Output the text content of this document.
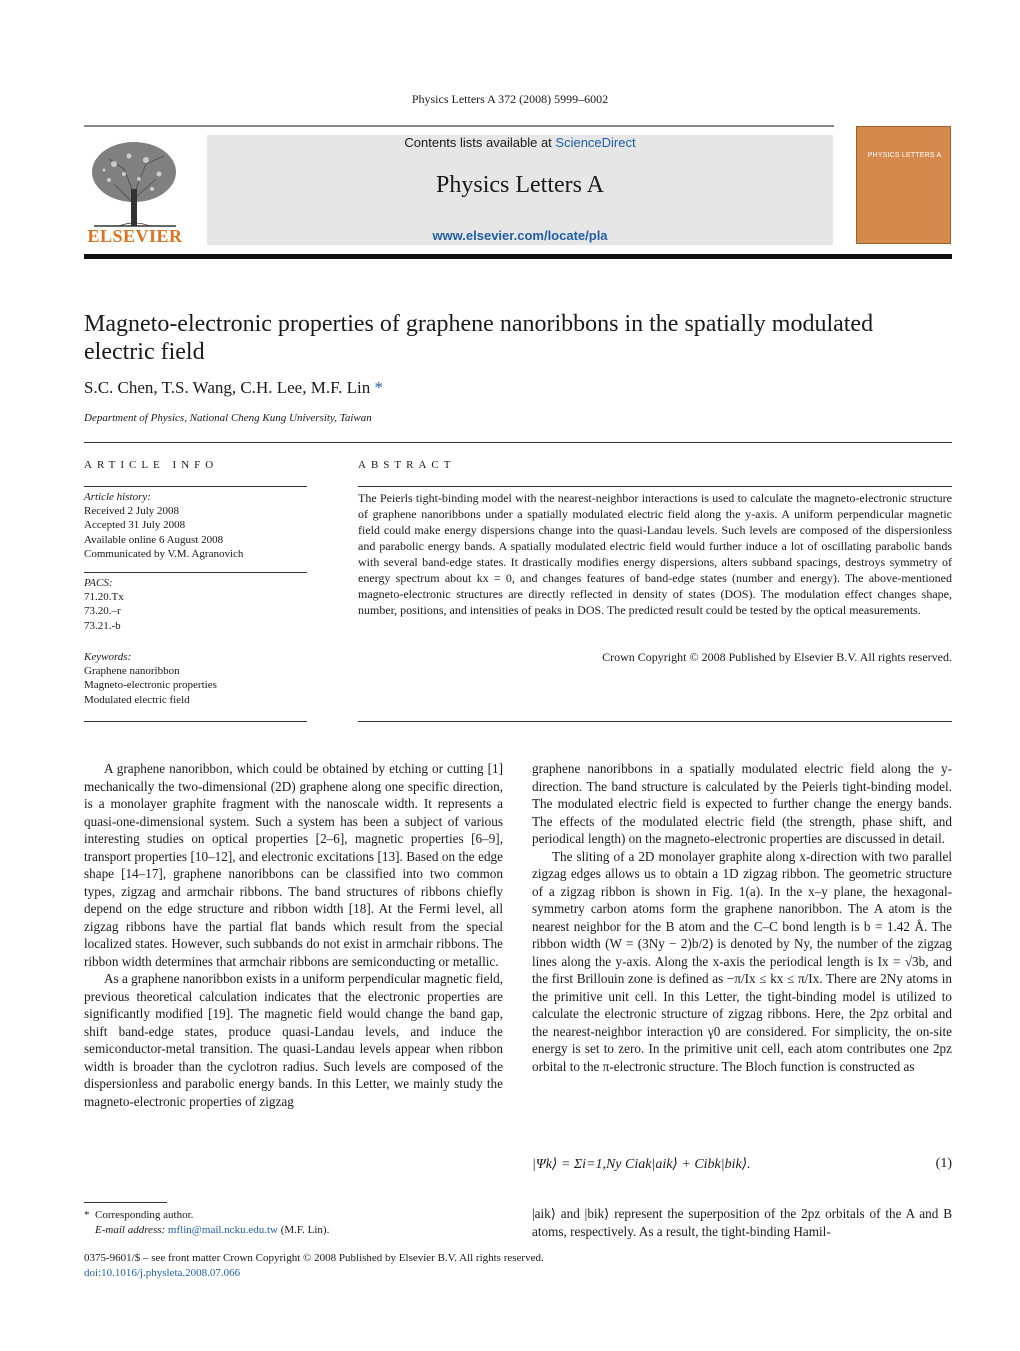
Physics Letters A 372 (2008) 5999–6002
ELSEVIER
Contents lists available at ScienceDirect
Physics Letters A
www.elsevier.com/locate/pla
PHYSICS LETTERS A
Magneto-electronic properties of graphene nanoribbons in the spatially modulated electric field
S.C. Chen, T.S. Wang, C.H. Lee, M.F. Lin *
Department of Physics, National Cheng Kung University, Taiwan
ARTICLE INFO	ABSTRACT
Article history:
Received 2 July 2008
Accepted 31 July 2008
Available online 6 August 2008
Communicated by V.M. Agranovich
PACS:
71.20.Tx
73.20.–r
73.21.-b
Keywords:
Graphene nanoribbon
Magneto-electronic properties
Modulated electric field
The Peierls tight-binding model with the nearest-neighbor interactions is used to calculate the magneto-electronic structure of graphene nanoribbons under a spatially modulated electric field along the y-axis. A uniform perpendicular magnetic field could make energy dispersions change into the quasi-Landau levels. Such levels are composed of the dispersionless and parabolic energy bands. A spatially modulated electric field would further induce a lot of oscillating parabolic bands with several band-edge states. It drastically modifies energy dispersions, alters subband spacings, destroys symmetry of energy spectrum about kx = 0, and changes features of band-edge states (number and energy). The above-mentioned magneto-electronic structures are directly reflected in density of states (DOS). The modulation effect changes shape, number, positions, and intensities of peaks in DOS. The predicted result could be tested by the optical measurements.
Crown Copyright © 2008 Published by Elsevier B.V. All rights reserved.

A graphene nanoribbon, which could be obtained by etching or cutting [1] mechanically the two-dimensional (2D) graphene along one specific direction, is a monolayer graphite fragment with the nanoscale width. It represents a quasi-one-dimensional system. Such a system has been a subject of various interesting studies on optical properties [2–6], magnetic properties [6–9], transport properties [10–12], and electronic excitations [13]. Based on the edge shape [14–17], graphene nanoribbons can be classified into two common types, zigzag and armchair ribbons. The band structures of ribbons chiefly depend on the edge structure and ribbon width [18]. At the Fermi level, all zigzag ribbons have the partial flat bands which result from the special localized states. However, such subbands do not exist in armchair ribbons. The ribbon width determines that armchair ribbons are semiconducting or metallic.

As a graphene nanoribbon exists in a uniform perpendicular magnetic field, previous theoretical calculation indicates that the electronic properties are significantly modified [19]. The magnetic field would change the band gap, shift band-edge states, produce quasi-Landau levels, and induce the semiconductor-metal transition. The quasi-Landau levels appear when ribbon width is broader than the cyclotron radius. Such levels are composed of the dispersionless and parabolic energy bands. In this Letter, we mainly study the magneto-electronic properties of zigzag

graphene nanoribbons in a spatially modulated electric field along the y-direction. The band structure is calculated by the Peierls tight-binding model. The modulated electric field is expected to further change the energy bands. The effects of the modulated electric field (the strength, phase shift, and periodical length) on the magneto-electronic properties are discussed in detail.

The sliting of a 2D monolayer graphite along x-direction with two parallel zigzag edges allows us to obtain a 1D zigzag ribbon. The geometric structure of a zigzag ribbon is shown in Fig. 1(a). In the x–y plane, the hexagonal-symmetry carbon atoms form the graphene nanoribbon. The A atom is the nearest neighbor for the B atom and the C–C bond length is b = 1.42 Å. The ribbon width (W = (3Ny − 2)b/2) is denoted by Ny, the number of the zigzag lines along the y-axis. Along the x-axis the periodical length is Ix = √3b, and the first Brillouin zone is defined as −π/Ix ≤ kx ≤ π/Ix. There are 2Ny atoms in the primitive unit cell. In this Letter, the tight-binding model is utilized to calculate the electronic structure of zigzag ribbons. Here, the 2pz orbital and the nearest-neighbor interaction γ0 are considered. For simplicity, the on-site energy is set to zero. In the primitive unit cell, each atom contributes one 2pz orbital to the π-electronic structure. The Bloch function is constructed as

|Ψk⟩ = Σi=1,Ny Ciak|aik⟩ + Cibk|bik⟩.	(1)

|aik⟩ and |bik⟩ represent the superposition of the 2pz orbitals of the A and B atoms, respectively. As a result, the tight-binding Hamil-

* Corresponding author.
E-mail address: mflin@mail.ncku.edu.tw (M.F. Lin).
0375-9601/$ – see front matter Crown Copyright © 2008 Published by Elsevier B.V. All rights reserved.
doi:10.1016/j.physleta.2008.07.066
